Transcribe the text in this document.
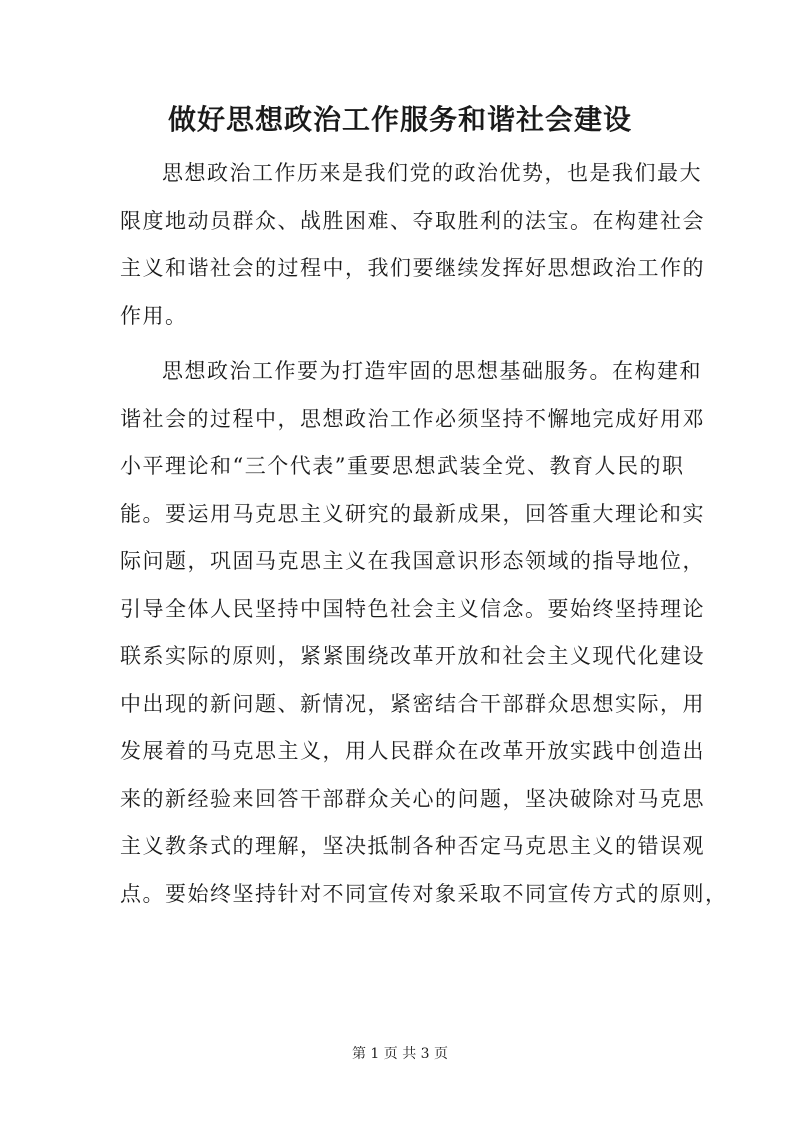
做好思想政治工作服务和谐社会建设
思想政治工作历来是我们党的政治优势，也是我们最大
限度地动员群众、战胜困难、夺取胜利的法宝。在构建社会
主义和谐社会的过程中，我们要继续发挥好思想政治工作的
作用。
思想政治工作要为打造牢固的思想基础服务。在构建和
谐社会的过程中，思想政治工作必须坚持不懈地完成好用邓
小平理论和“三个代表”重要思想武装全党、教育人民的职
能。要运用马克思主义研究的最新成果，回答重大理论和实
际问题，巩固马克思主义在我国意识形态领域的指导地位，
引导全体人民坚持中国特色社会主义信念。要始终坚持理论
联系实际的原则，紧紧围绕改革开放和社会主义现代化建设
中出现的新问题、新情况，紧密结合干部群众思想实际，用
发展着的马克思主义，用人民群众在改革开放实践中创造出
来的新经验来回答干部群众关心的问题，坚决破除对马克思
主义教条式的理解，坚决抵制各种否定马克思主义的错误观
点。要始终坚持针对不同宣传对象采取不同宣传方式的原则，
第 1 页 共 3 页
